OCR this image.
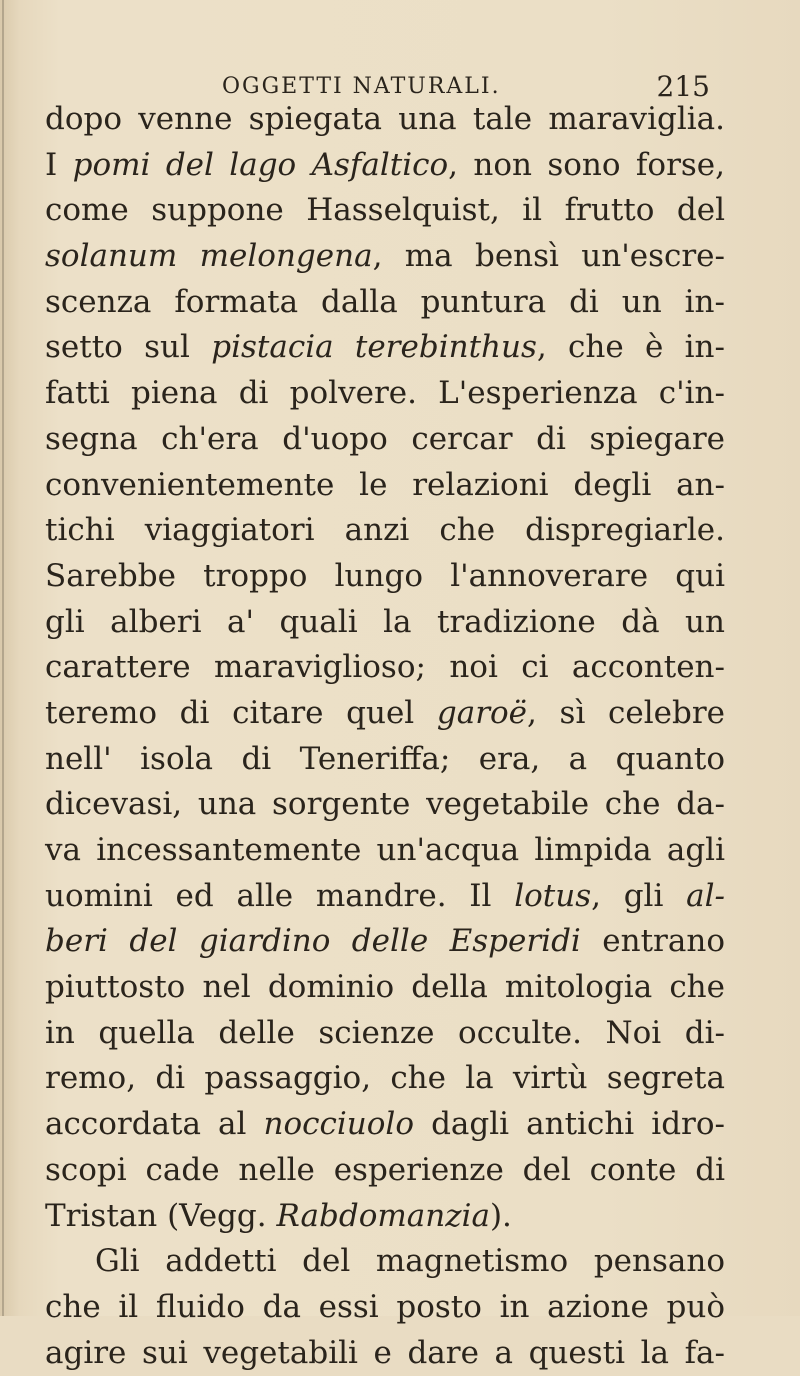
OGGETTI NATURALI.	215
dopo venne spiegata una tale maraviglia.
I pomi del lago Asfaltico, non sono forse,
come suppone Hasselquist, il frutto del
solanum melongena, ma bensì un'escre-
scenza formata dalla puntura di un in-
setto sul pistacia terebinthus, che è in-
fatti piena di polvere. L'esperienza c'in-
segna ch'era d'uopo cercar di spiegare
convenientemente le relazioni degli an-
tichi viaggiatori anzi che dispregiarle.
Sarebbe troppo lungo l'annoverare qui
gli alberi a' quali la tradizione dà un
carattere maraviglioso; noi ci acconten-
teremo di citare quel garoë, sì celebre
nell' isola di Teneriffa; era, a quanto
dicevasi, una sorgente vegetabile che da-
va incessantemente un'acqua limpida agli
uomini ed alle mandre. Il lotus, gli al-
beri del giardino delle Esperidi entrano
piuttosto nel dominio della mitologia che
in quella delle scienze occulte. Noi di-
remo, di passaggio, che la virtù segreta
accordata al nocciuolo dagli antichi idro-
scopi cade nelle esperienze del conte di
Tristan (Vegg. Rabdomanzia).
Gli addetti del magnetismo pensano
che il fluido da essi posto in azione può
agire sui vegetabili e dare a questi la fa-
